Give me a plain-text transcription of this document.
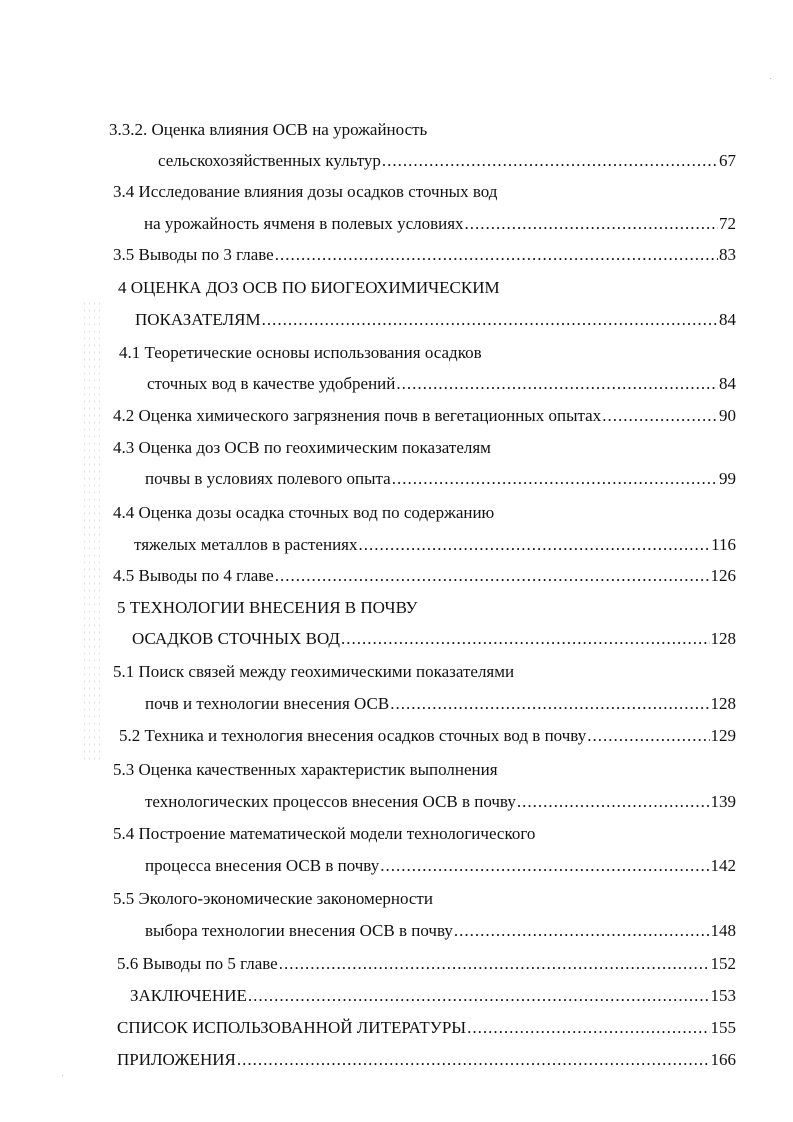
3.3.2. Оценка влияния ОСВ на урожайность
сельскохозяйственных культур .....	67
3.4 Исследование влияния дозы осадков сточных вод
на урожайность ячменя в полевых условиях .....	72
3.5 Выводы по 3 главе .....	83
4 ОЦЕНКА ДОЗ ОСВ ПО БИОГЕОХИМИЧЕСКИМ
ПОКАЗАТЕЛЯМ .....	84
4.1 Теоретические основы использования осадков
сточных вод в качестве удобрений .....	84
4.2 Оценка химического загрязнения почв в вегетационных опытах .....	90
4.3 Оценка доз ОСВ по геохимическим показателям
почвы в условиях полевого опыта .....	99
4.4 Оценка дозы осадка сточных вод по содержанию
тяжелых металлов в растениях .....	116
4.5 Выводы по 4 главе .....	126
5 ТЕХНОЛОГИИ ВНЕСЕНИЯ В ПОЧВУ
ОСАДКОВ СТОЧНЫХ ВОД .....	128
5.1 Поиск связей между геохимическими показателями
почв и технологии внесения ОСВ .....	128
5.2 Техника и технология внесения осадков сточных вод в почву .....	129
5.3 Оценка качественных характеристик выполнения
технологических процессов внесения ОСВ в почву .....	139
5.4 Построение математической модели технологического
процесса внесения ОСВ в почву .....	142
5.5 Эколого-экономические закономерности
выбора технологии внесения ОСВ в почву .....	148
5.6 Выводы по 5 главе .....	152
ЗАКЛЮЧЕНИЕ .....	153
СПИСОК ИСПОЛЬЗОВАННОЙ ЛИТЕРАТУРЫ .....	155
ПРИЛОЖЕНИЯ .....	166
